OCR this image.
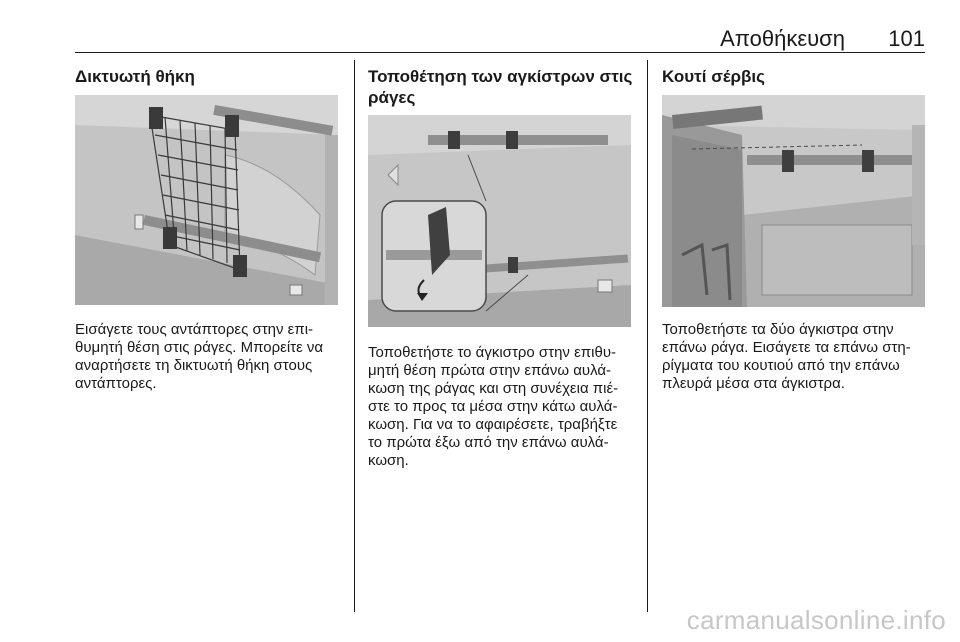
Αποθήκευση 101
Δικτυωτή θήκη
Εισάγετε τους αντάπτορες στην επι-
θυμητή θέση στις ράγες. Μπορείτε να
αναρτήσετε τη δικτυωτή θήκη στους
αντάπτορες.
Τοποθέτηση των αγκίστρων στις
ράγες
Τοποθετήστε το άγκιστρο στην επιθυ-
μητή θέση πρώτα στην επάνω αυλά-
κωση της ράγας και στη συνέχεια πιέ-
στε το προς τα μέσα στην κάτω αυλά-
κωση. Για να το αφαιρέσετε, τραβήξτε
το πρώτα έξω από την επάνω αυλά-
κωση.
Κουτί σέρβις
Τοποθετήστε τα δύο άγκιστρα στην
επάνω ράγα. Εισάγετε τα επάνω στη-
ρίγματα του κουτιού από την επάνω
πλευρά μέσα στα άγκιστρα.
carmanualsonline.info
